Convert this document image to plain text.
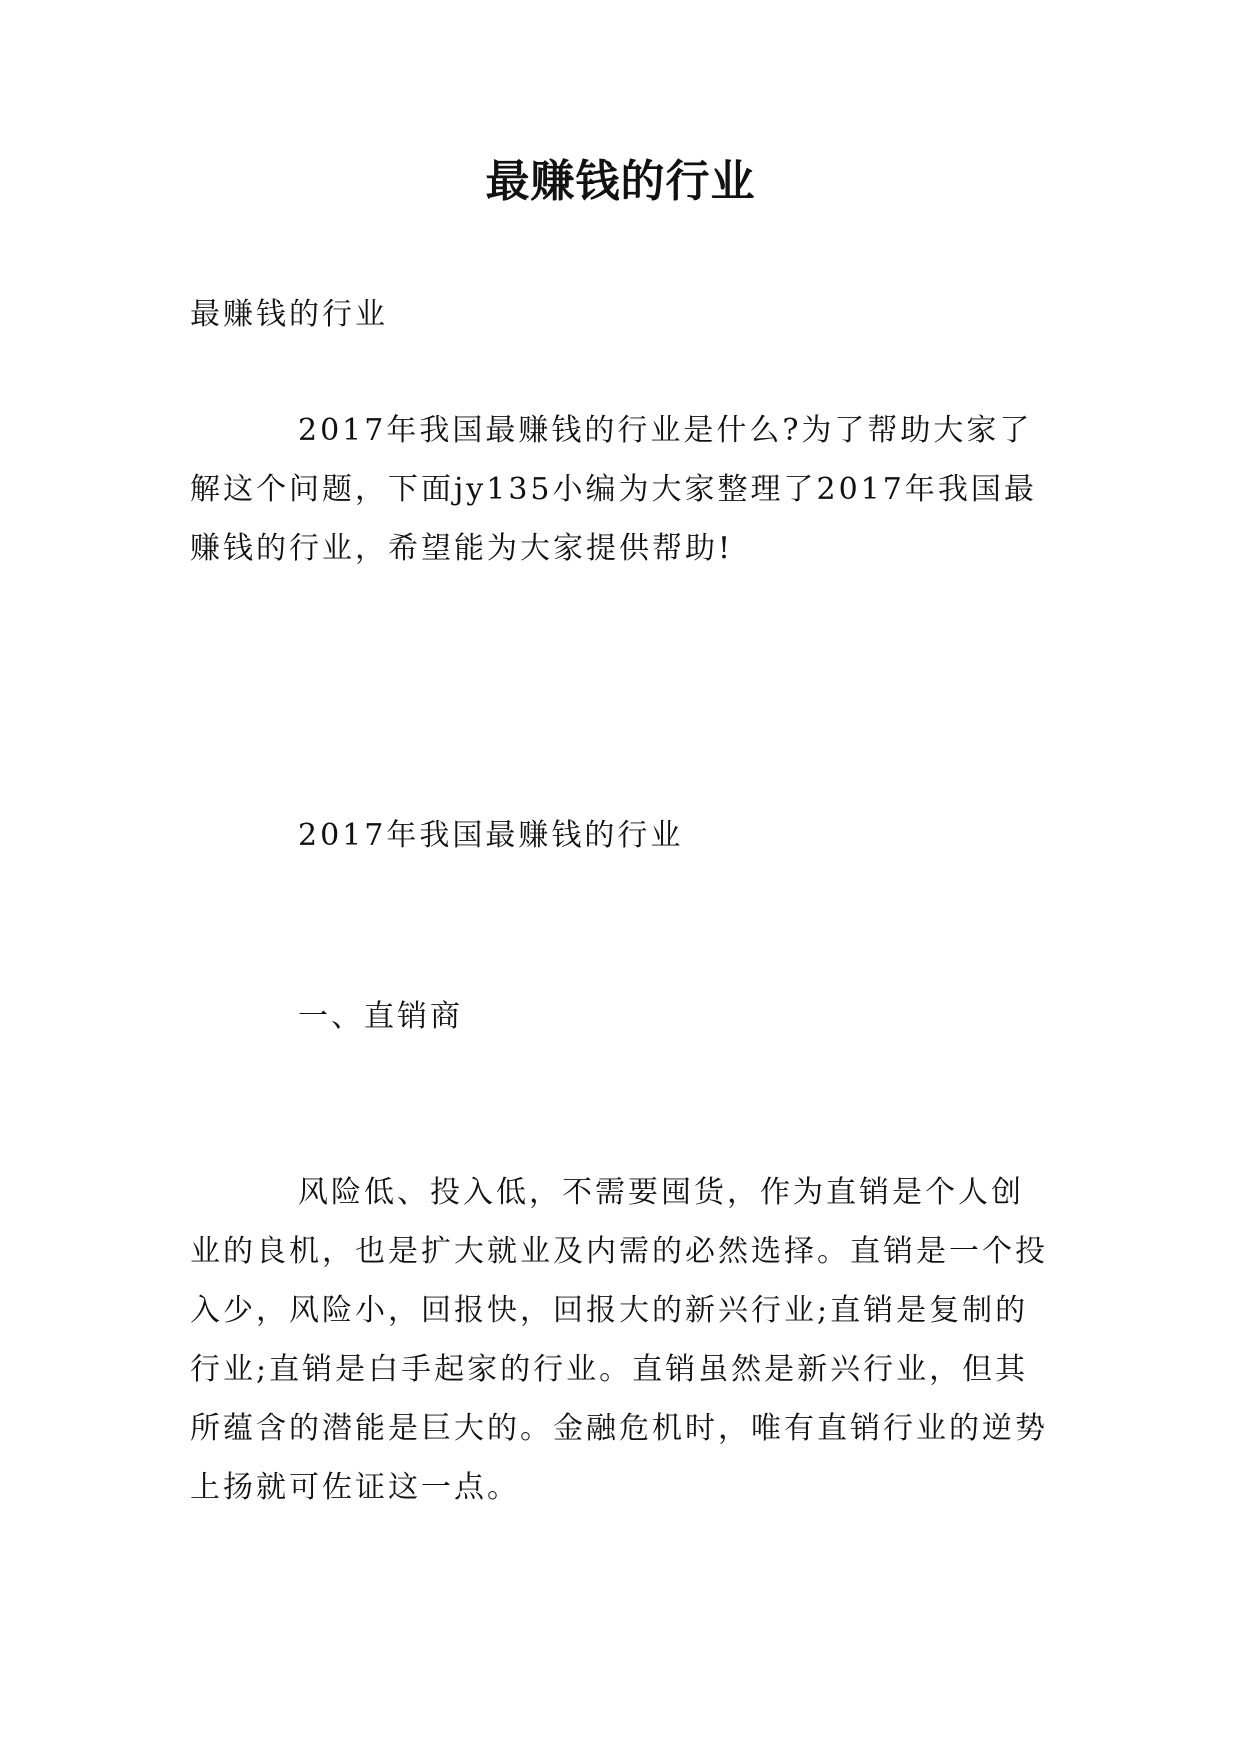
最赚钱的行业
最赚钱的行业
2017年我国最赚钱的行业是什么?为了帮助大家了解这个问题，下面jy135小编为大家整理了2017年我国最赚钱的行业，希望能为大家提供帮助!
2017年我国最赚钱的行业
一、直销商
风险低、投入低，不需要囤货，作为直销是个人创业的良机，也是扩大就业及内需的必然选择。直销是一个投入少，风险小，回报快，回报大的新兴行业;直销是复制的行业;直销是白手起家的行业。直销虽然是新兴行业，但其所蕴含的潜能是巨大的。金融危机时，唯有直销行业的逆势上扬就可佐证这一点。
